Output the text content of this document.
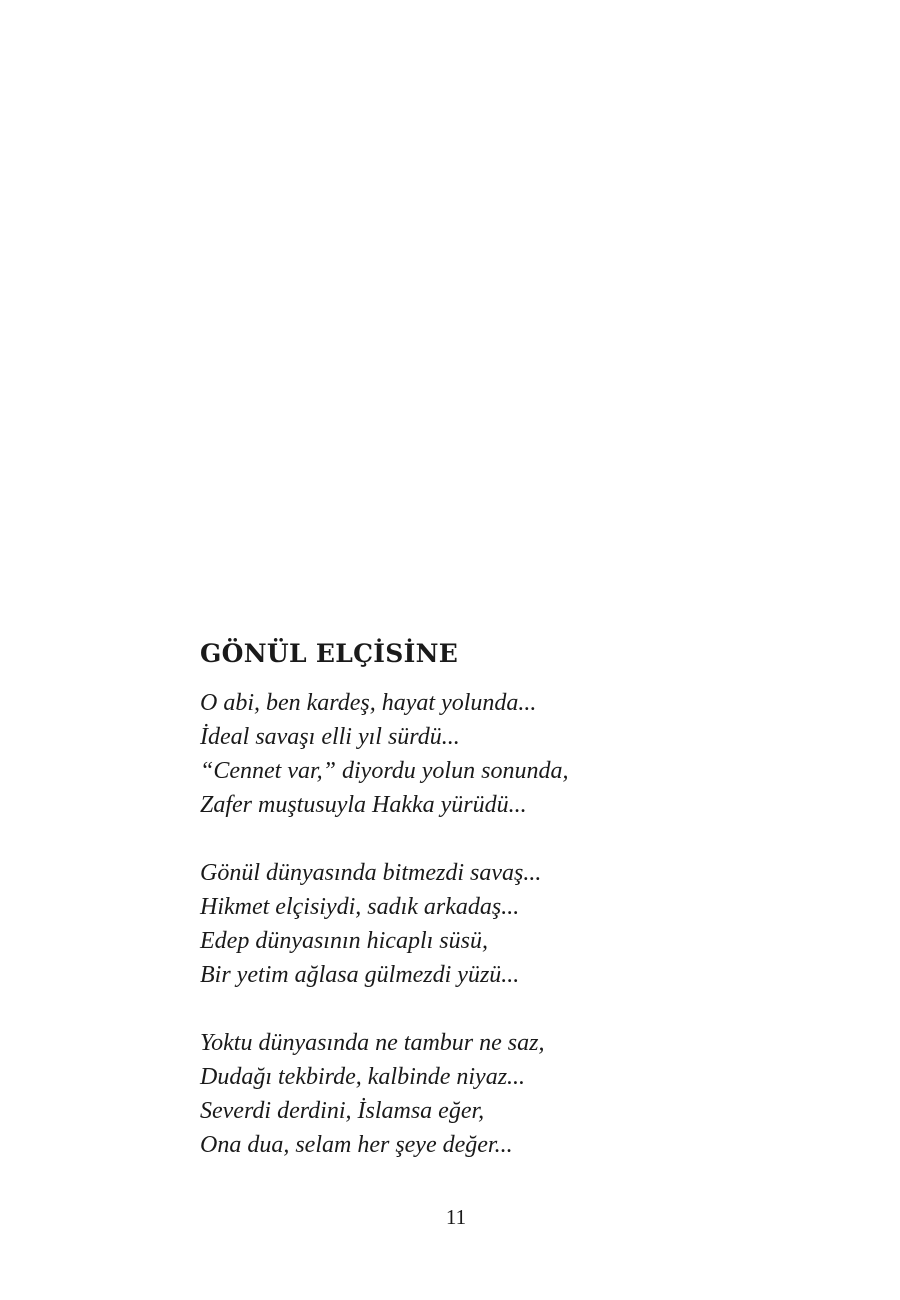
GÖNÜL ELÇİSİNE
O abi, ben kardeş, hayat yolunda...
İdeal savaşı elli yıl sürdü...
“Cennet var,” diyordu yolun sonunda,
Zafer muştusuyla Hakka yürüdü...
Gönül dünyasında bitmezdi savaş...
Hikmet elçisiydi, sadık arkadaş...
Edep dünyasının hicaplı süsü,
Bir yetim ağlasa gülmezdi yüzü...
Yoktu dünyasında ne tambur ne saz,
Dudağı tekbirde, kalbinde niyaz...
Severdi derdini, İslamsa eğer,
Ona dua, selam her şeye değer...
11
